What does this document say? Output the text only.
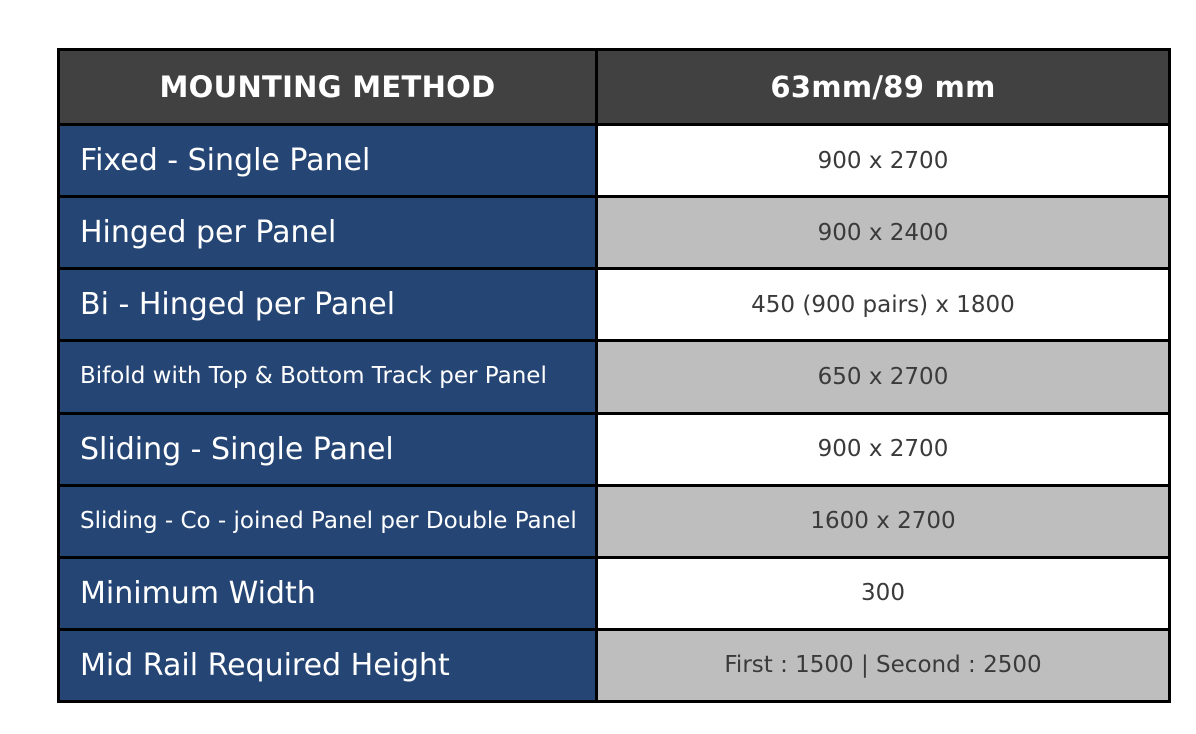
MOUNTING METHOD	63mm/89 mm
Fixed - Single Panel	900 x 2700
Hinged per Panel	900 x 2400
Bi - Hinged per Panel	450 (900 pairs) x 1800
Bifold with Top & Bottom Track per Panel	650 x 2700
Sliding - Single Panel	900 x 2700
Sliding - Co - joined Panel per Double Panel	1600 x 2700
Minimum Width	300
Mid Rail Required Height	First : 1500 | Second : 2500
